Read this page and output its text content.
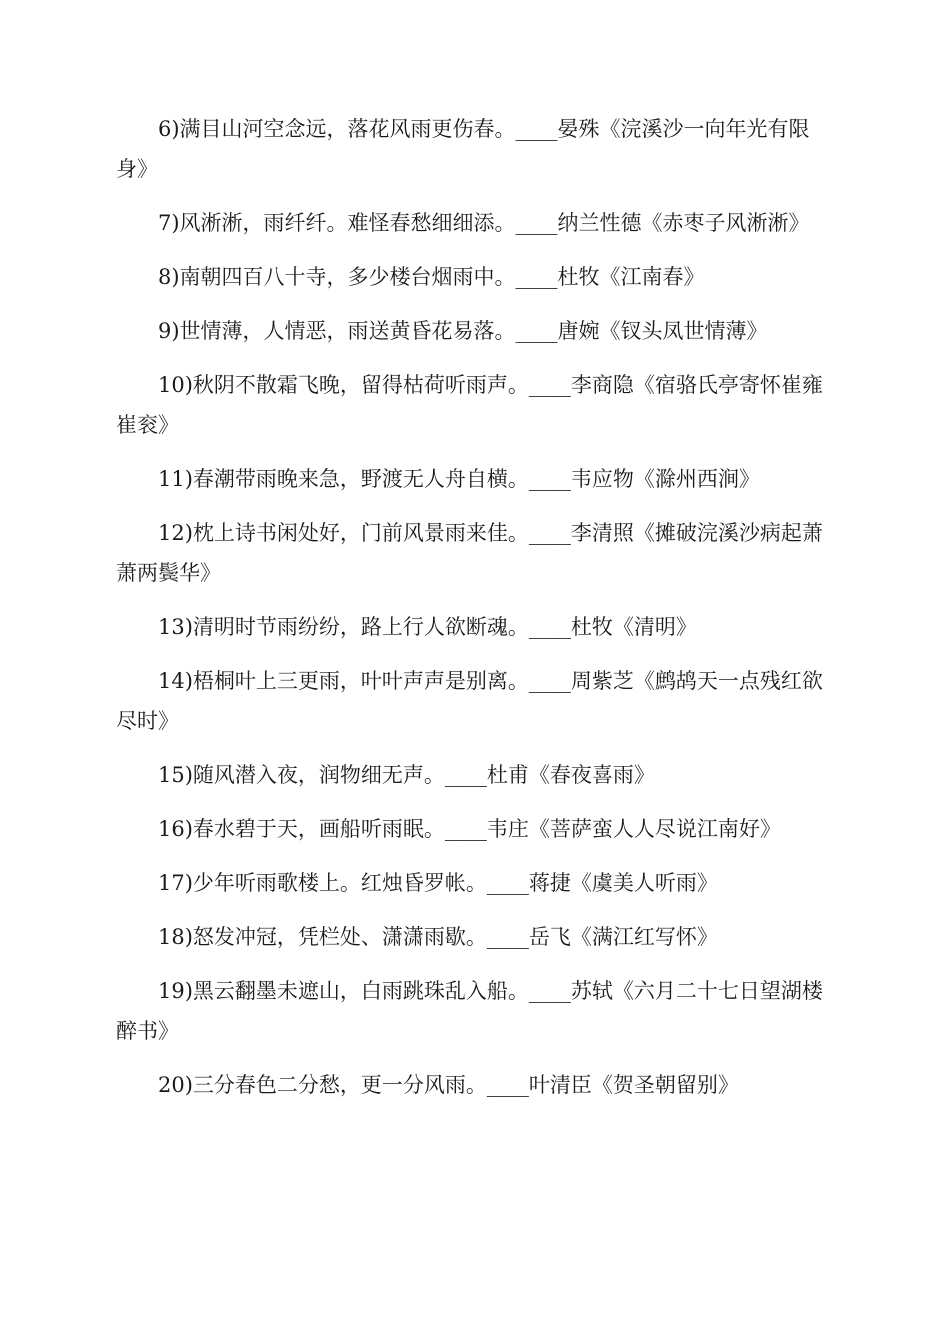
6)满目山河空念远，落花风雨更伤春。____晏殊《浣溪沙一向年光有限身》

7)风淅淅，雨纤纤。难怪春愁细细添。____纳兰性德《赤枣子风淅淅》

8)南朝四百八十寺，多少楼台烟雨中。____杜牧《江南春》

9)世情薄，人情恶，雨送黄昏花易落。____唐婉《钗头凤世情薄》

10)秋阴不散霜飞晚，留得枯荷听雨声。____李商隐《宿骆氏亭寄怀崔雍崔衮》

11)春潮带雨晚来急，野渡无人舟自横。____韦应物《滁州西涧》

12)枕上诗书闲处好，门前风景雨来佳。____李清照《摊破浣溪沙病起萧萧两鬓华》

13)清明时节雨纷纷，路上行人欲断魂。____杜牧《清明》

14)梧桐叶上三更雨，叶叶声声是别离。____周紫芝《鹧鸪天一点残红欲尽时》

15)随风潜入夜，润物细无声。____杜甫《春夜喜雨》

16)春水碧于天，画船听雨眠。____韦庄《菩萨蛮人人尽说江南好》

17)少年听雨歌楼上。红烛昏罗帐。____蒋捷《虞美人听雨》

18)怒发冲冠，凭栏处、潇潇雨歇。____岳飞《满江红写怀》

19)黑云翻墨未遮山，白雨跳珠乱入船。____苏轼《六月二十七日望湖楼醉书》

20)三分春色二分愁，更一分风雨。____叶清臣《贺圣朝留别》
